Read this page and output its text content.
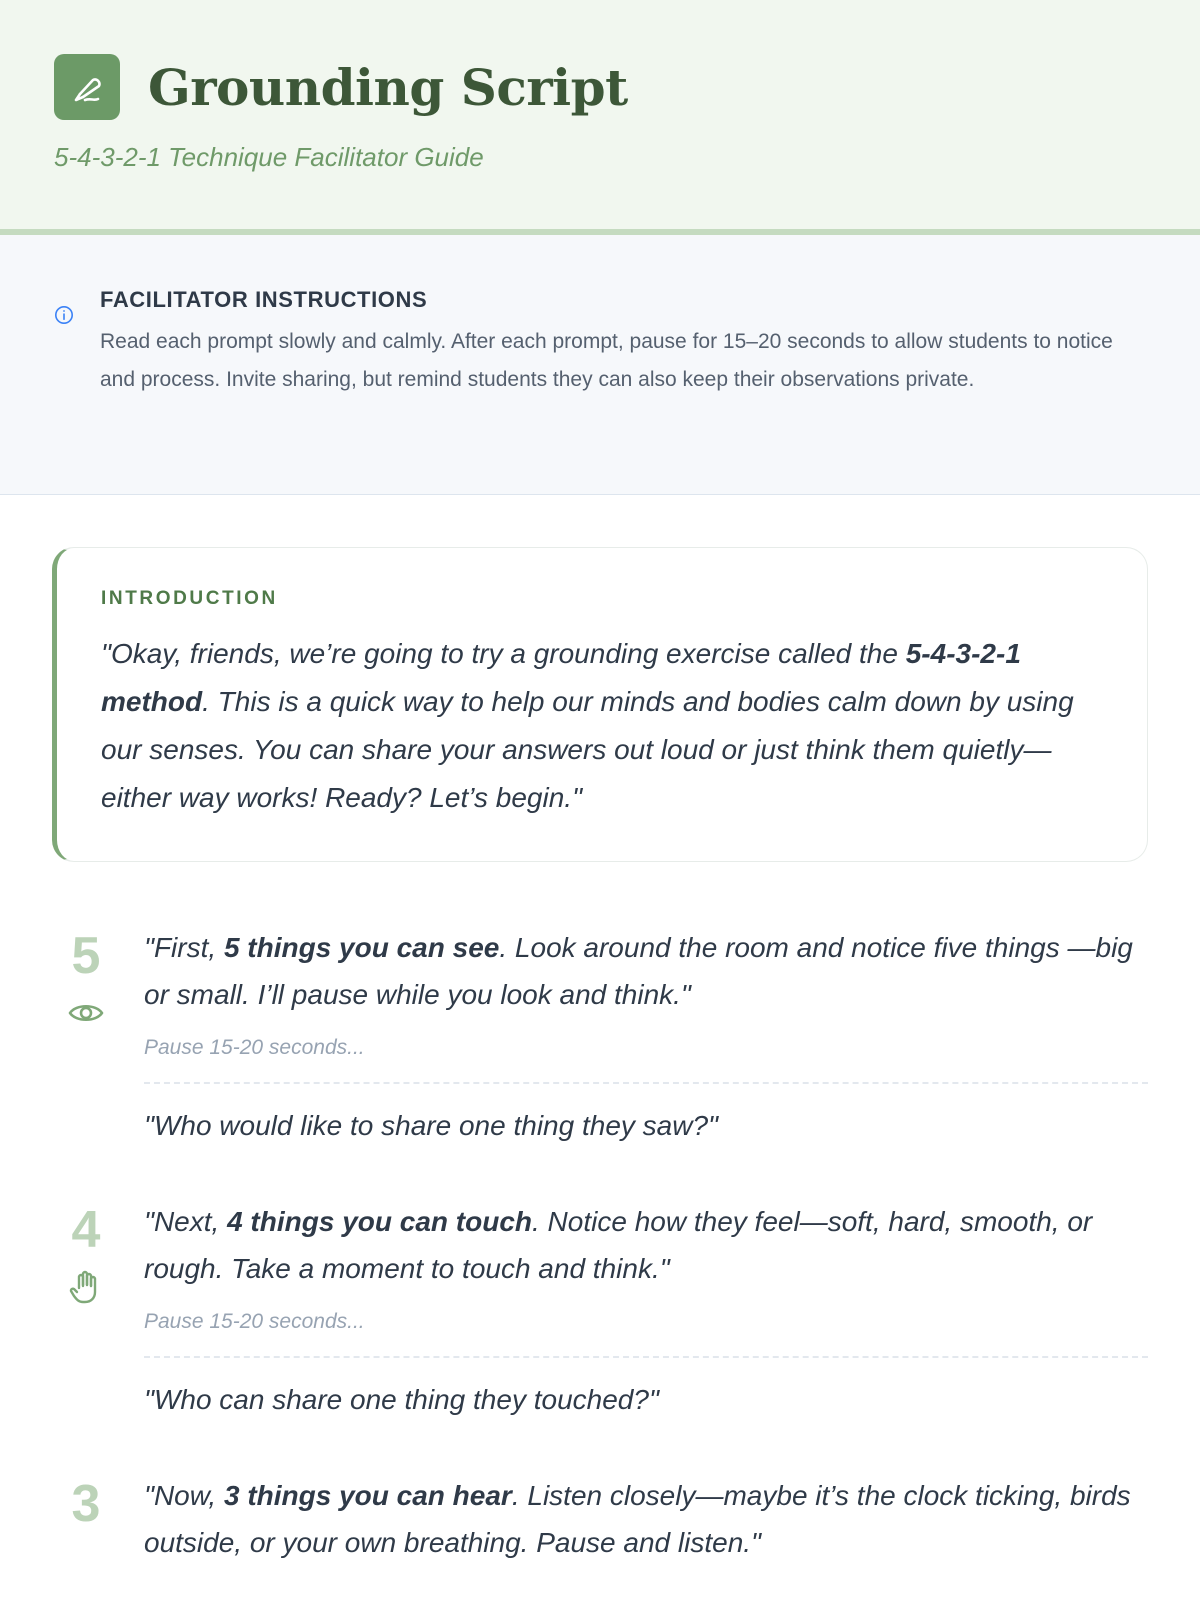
Grounding Script
5-4-3-2-1 Technique Facilitator Guide
FACILITATOR INSTRUCTIONS

Read each prompt slowly and calmly. After each prompt, pause for 15–20 seconds to allow students to notice and process. Invite sharing, but remind students they can also keep their observations private.

INTRODUCTION

"Okay, friends, we’re going to try a grounding exercise called the 5-4-3-2-1 method. This is a quick way to help our minds and bodies calm down by using our senses. You can share your answers out loud or just think them quietly—either way works! Ready? Let’s begin."

5 "First, 5 things you can see. Look around the room and notice five things —big or small. I’ll pause while you look and think."

Pause 15-20 seconds...

"Who would like to share one thing they saw?"

4 "Next, 4 things you can touch. Notice how they feel—soft, hard, smooth, or rough. Take a moment to touch and think."

Pause 15-20 seconds...

"Who can share one thing they touched?"

3 "Now, 3 things you can hear. Listen closely—maybe it’s the clock ticking, birds outside, or your own breathing. Pause and listen."
